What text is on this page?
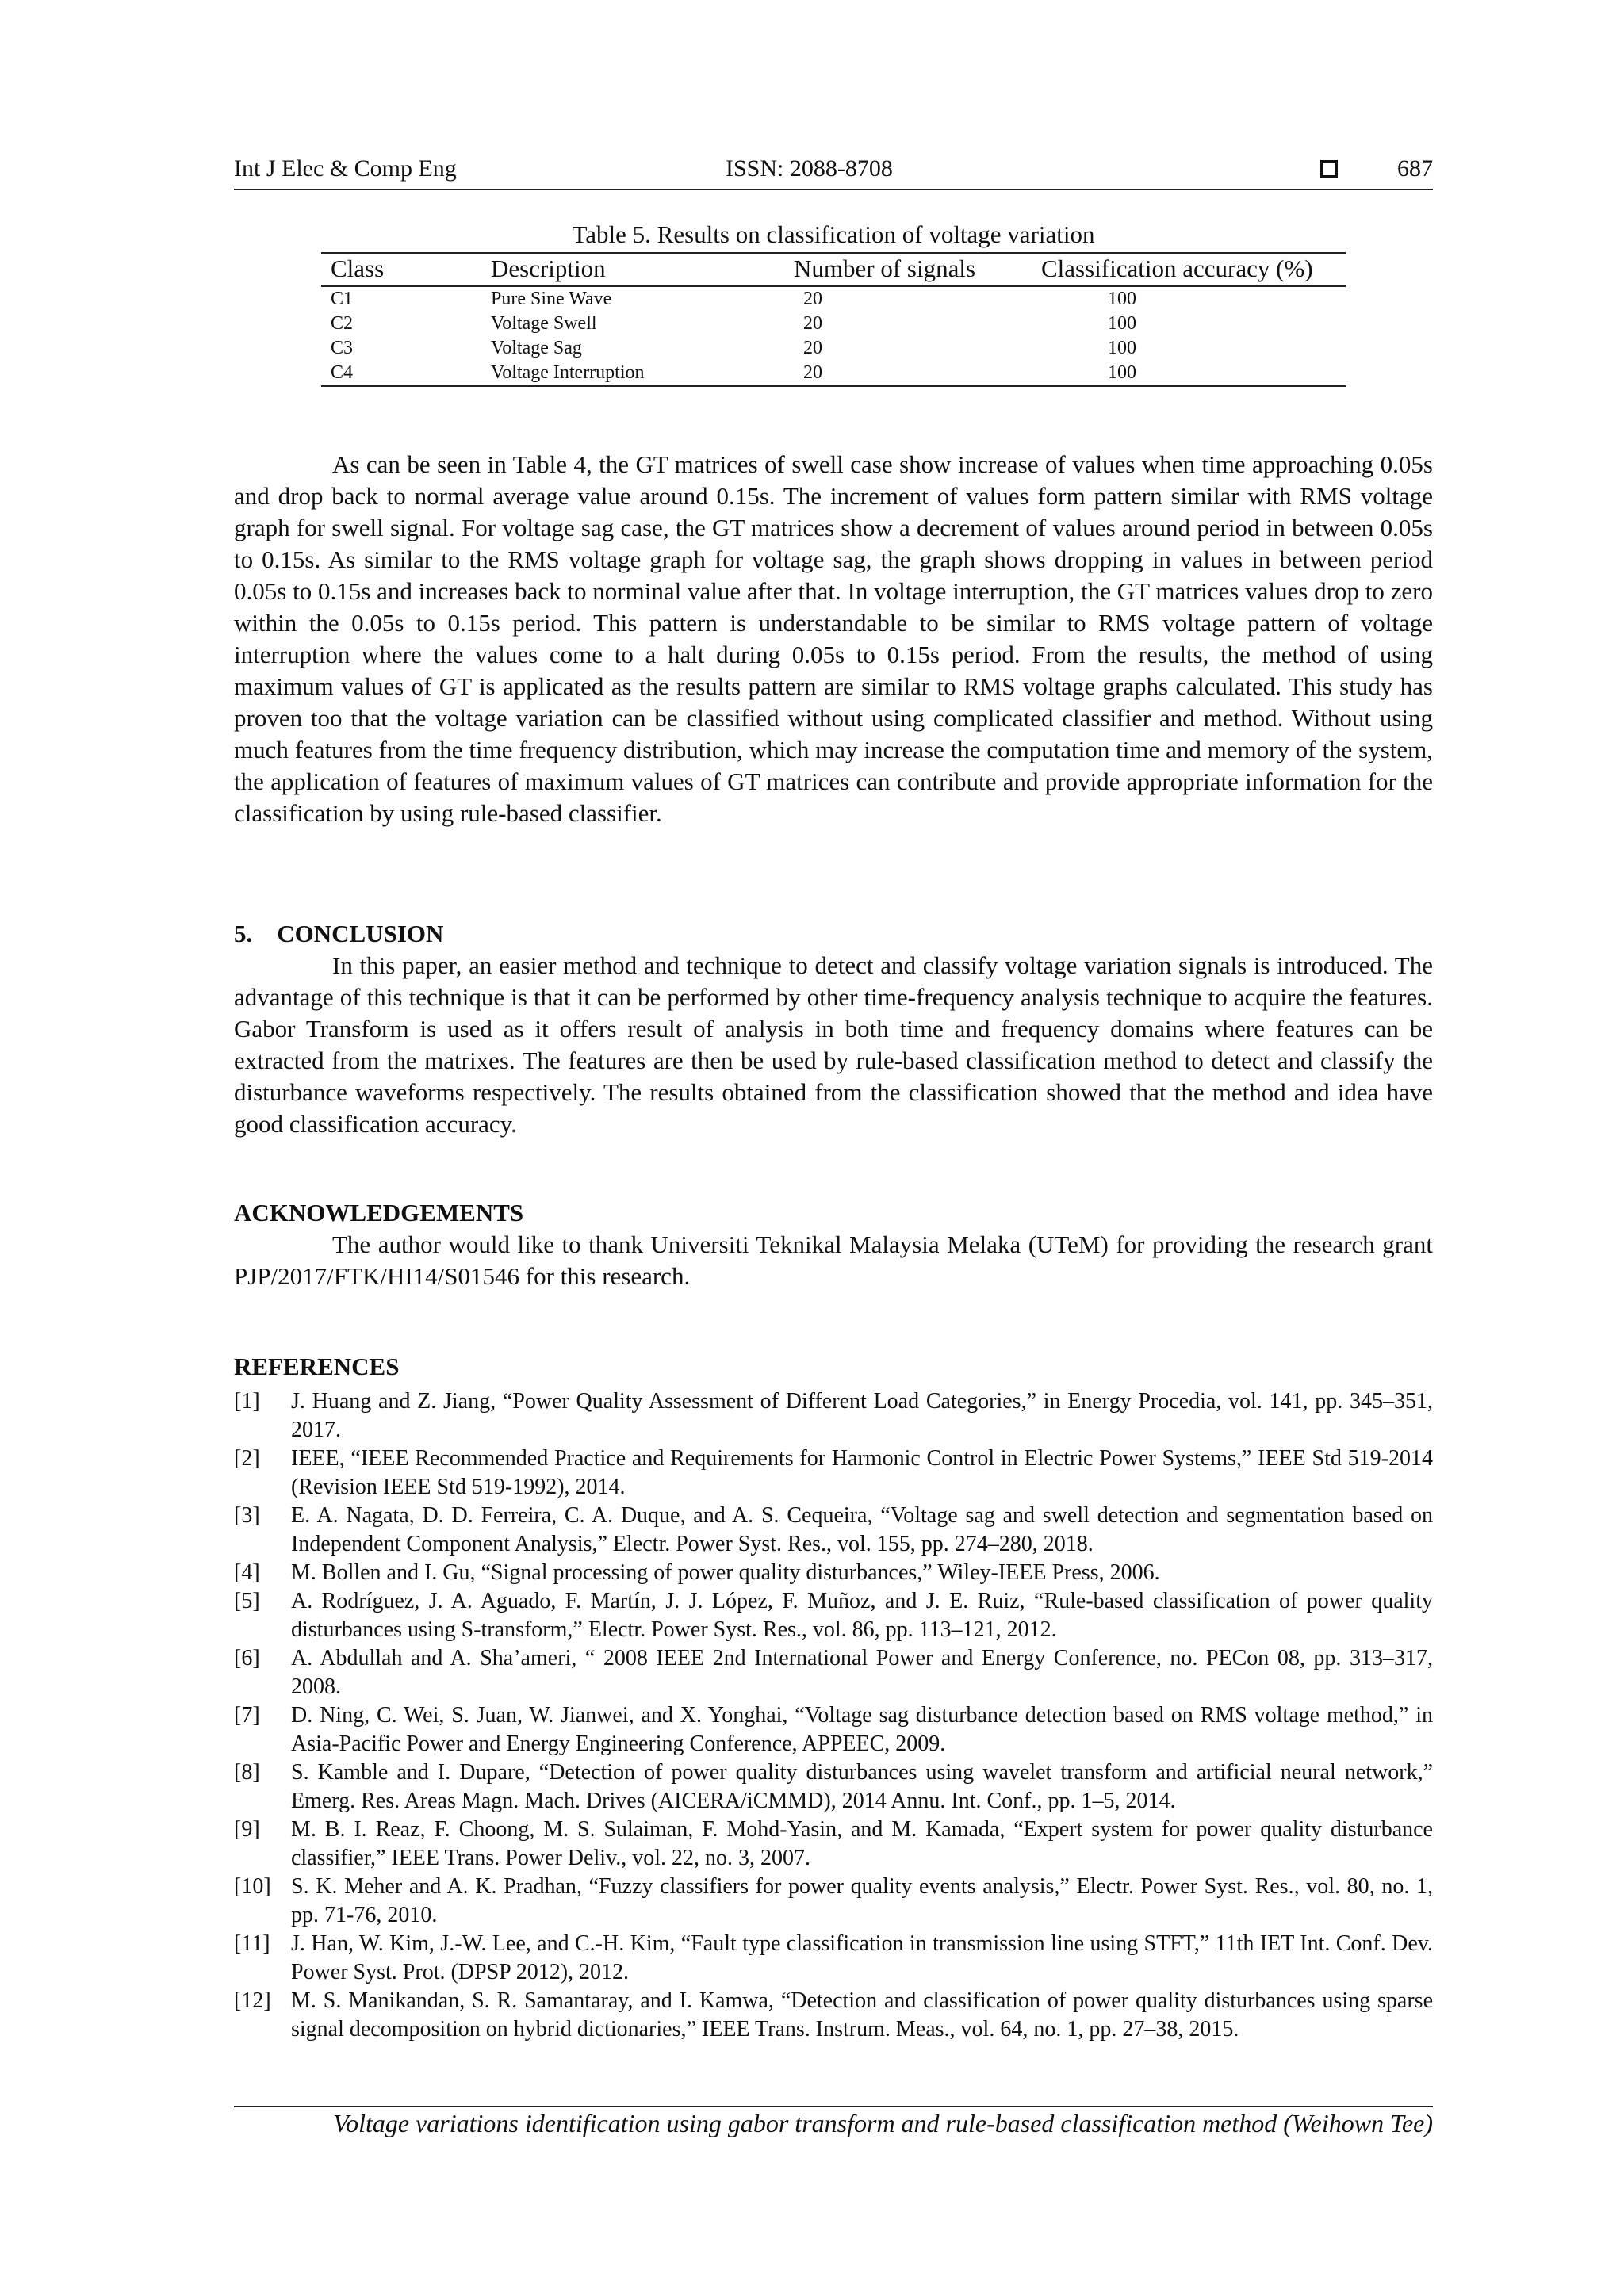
Int J Elec & Comp Eng	ISSN: 2088-8708	687
Table 5. Results on classification of voltage variation
Class	Description	Number of signals	Classification accuracy (%)
C1	Pure Sine Wave	20	100
C2	Voltage Swell	20	100
C3	Voltage Sag	20	100
C4	Voltage Interruption	20	100

As can be seen in Table 4, the GT matrices of swell case show increase of values when time approaching 0.05s and drop back to normal average value around 0.15s. The increment of values form pattern similar with RMS voltage graph for swell signal. For voltage sag case, the GT matrices show a decrement of values around period in between 0.05s to 0.15s. As similar to the RMS voltage graph for voltage sag, the graph shows dropping in values in between period 0.05s to 0.15s and increases back to norminal value after that. In voltage interruption, the GT matrices values drop to zero within the 0.05s to 0.15s period. This pattern is understandable to be similar to RMS voltage pattern of voltage interruption where the values come to a halt during 0.05s to 0.15s period. From the results, the method of using maximum values of GT is applicated as the results pattern are similar to RMS voltage graphs calculated. This study has proven too that the voltage variation can be classified without using complicated classifier and method. Without using much features from the time frequency distribution, which may increase the computation time and memory of the system, the application of features of maximum values of GT matrices can contribute and provide appropriate information for the classification by using rule-based classifier.

5.    CONCLUSION

In this paper, an easier method and technique to detect and classify voltage variation signals is introduced. The advantage of this technique is that it can be performed by other time-frequency analysis technique to acquire the features. Gabor Transform is used as it offers result of analysis in both time and frequency domains where features can be extracted from the matrixes. The features are then be used by rule-based classification method to detect and classify the disturbance waveforms respectively. The results obtained from the classification showed that the method and idea have good classification accuracy.

ACKNOWLEDGEMENTS

The author would like to thank Universiti Teknikal Malaysia Melaka (UTeM) for providing the research grant PJP/2017/FTK/HI14/S01546 for this research.

REFERENCES
[1]	J. Huang and Z. Jiang, “Power Quality Assessment of Different Load Categories,” in Energy Procedia, vol. 141, pp. 345–351, 2017.
[2]	IEEE, “IEEE Recommended Practice and Requirements for Harmonic Control in Electric Power Systems,” IEEE Std 519-2014 (Revision IEEE Std 519-1992), 2014.
[3]	E. A. Nagata, D. D. Ferreira, C. A. Duque, and A. S. Cequeira, “Voltage sag and swell detection and segmentation based on Independent Component Analysis,” Electr. Power Syst. Res., vol. 155, pp. 274–280, 2018.
[4]	M. Bollen and I. Gu, “Signal processing of power quality disturbances,” Wiley-IEEE Press, 2006.
[5]	A. Rodríguez, J. A. Aguado, F. Martín, J. J. López, F. Muñoz, and J. E. Ruiz, “Rule-based classification of power quality disturbances using S-transform,” Electr. Power Syst. Res., vol. 86, pp. 113–121, 2012.
[6]	A. Abdullah and A. Sha’ameri, “ 2008 IEEE 2nd International Power and Energy Conference, no. PECon 08, pp. 313–317, 2008.
[7]	D. Ning, C. Wei, S. Juan, W. Jianwei, and X. Yonghai, “Voltage sag disturbance detection based on RMS voltage method,” in Asia-Pacific Power and Energy Engineering Conference, APPEEC, 2009.
[8]	S. Kamble and I. Dupare, “Detection of power quality disturbances using wavelet transform and artificial neural network,” Emerg. Res. Areas Magn. Mach. Drives (AICERA/iCMMD), 2014 Annu. Int. Conf., pp. 1–5, 2014.
[9]	M. B. I. Reaz, F. Choong, M. S. Sulaiman, F. Mohd-Yasin, and M. Kamada, “Expert system for power quality disturbance classifier,” IEEE Trans. Power Deliv., vol. 22, no. 3, 2007.
[10] S. K. Meher and A. K. Pradhan, “Fuzzy classifiers for power quality events analysis,” Electr. Power Syst. Res., vol. 80, no. 1, pp. 71-76, 2010.
[11] J. Han, W. Kim, J.-W. Lee, and C.-H. Kim, “Fault type classification in transmission line using STFT,” 11th IET Int. Conf. Dev. Power Syst. Prot. (DPSP 2012), 2012.
[12] M. S. Manikandan, S. R. Samantaray, and I. Kamwa, “Detection and classification of power quality disturbances using sparse signal decomposition on hybrid dictionaries,” IEEE Trans. Instrum. Meas., vol. 64, no. 1, pp. 27–38, 2015.
Voltage variations identification using gabor transform and rule-based classification method (Weihown Tee)
